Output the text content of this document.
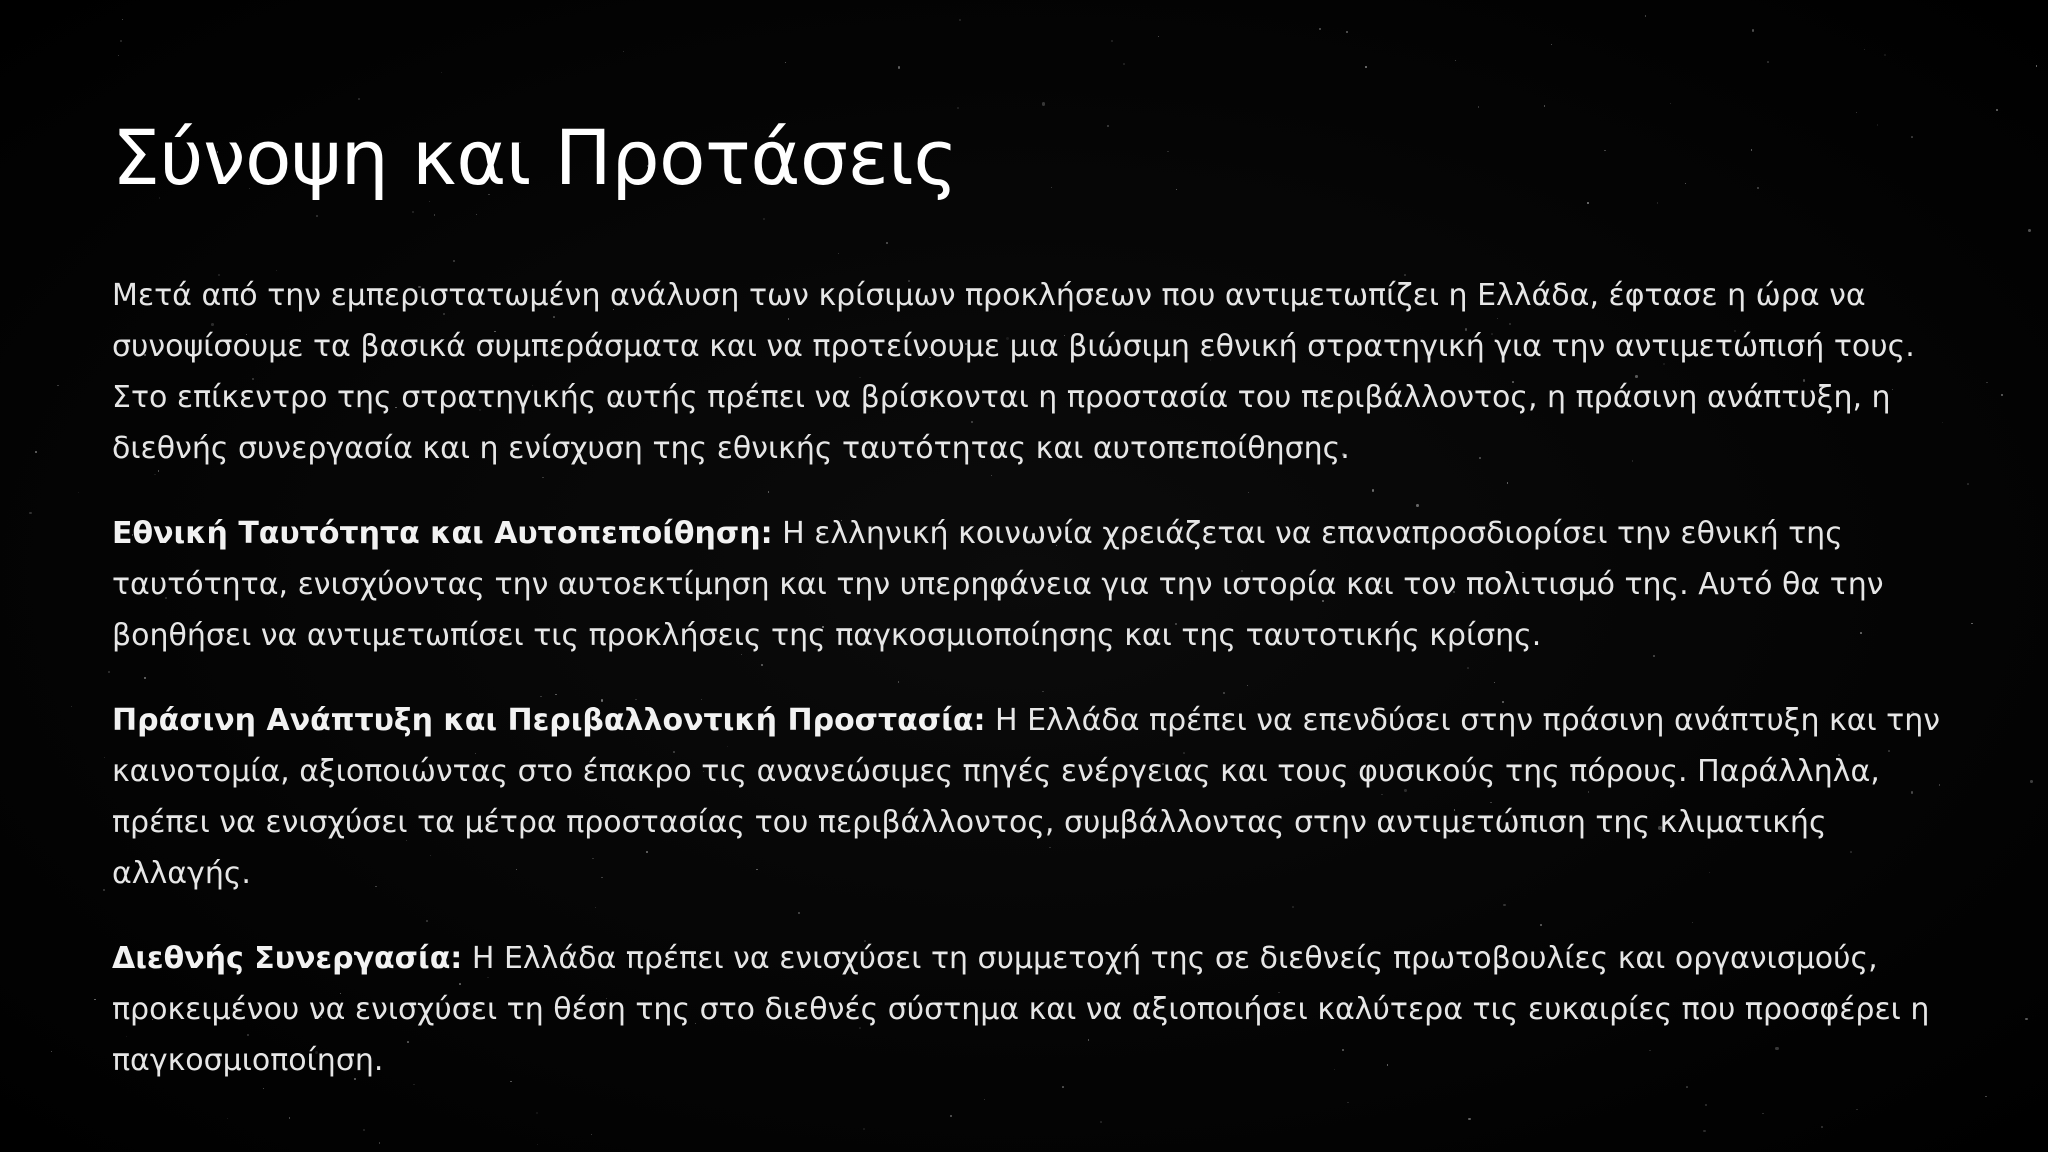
Σύνοψη και Προτάσεις

Μετά από την εμπεριστατωμένη ανάλυση των κρίσιμων προκλήσεων που αντιμετωπίζει η Ελλάδα, έφτασε η ώρα να συνοψίσουμε τα βασικά συμπεράσματα και να προτείνουμε μια βιώσιμη εθνική στρατηγική για την αντιμετώπισή τους. Στο επίκεντρο της στρατηγικής αυτής πρέπει να βρίσκονται η προστασία του περιβάλλοντος, η πράσινη ανάπτυξη, η διεθνής συνεργασία και η ενίσχυση της εθνικής ταυτότητας και αυτοπεποίθησης.

Εθνική Ταυτότητα και Αυτοπεποίθηση: Η ελληνική κοινωνία χρειάζεται να επαναπροσδιορίσει την εθνική της ταυτότητα, ενισχύοντας την αυτοεκτίμηση και την υπερηφάνεια για την ιστορία και τον πολιτισμό της. Αυτό θα την βοηθήσει να αντιμετωπίσει τις προκλήσεις της παγκοσμιοποίησης και της ταυτοτικής κρίσης.

Πράσινη Ανάπτυξη και Περιβαλλοντική Προστασία: Η Ελλάδα πρέπει να επενδύσει στην πράσινη ανάπτυξη και την καινοτομία, αξιοποιώντας στο έπακρο τις ανανεώσιμες πηγές ενέργειας και τους φυσικούς της πόρους. Παράλληλα, πρέπει να ενισχύσει τα μέτρα προστασίας του περιβάλλοντος, συμβάλλοντας στην αντιμετώπιση της κλιματικής αλλαγής.

Διεθνής Συνεργασία: Η Ελλάδα πρέπει να ενισχύσει τη συμμετοχή της σε διεθνείς πρωτοβουλίες και οργανισμούς, προκειμένου να ενισχύσει τη θέση της στο διεθνές σύστημα και να αξιοποιήσει καλύτερα τις ευκαιρίες που προσφέρει η παγκοσμιοποίηση.
